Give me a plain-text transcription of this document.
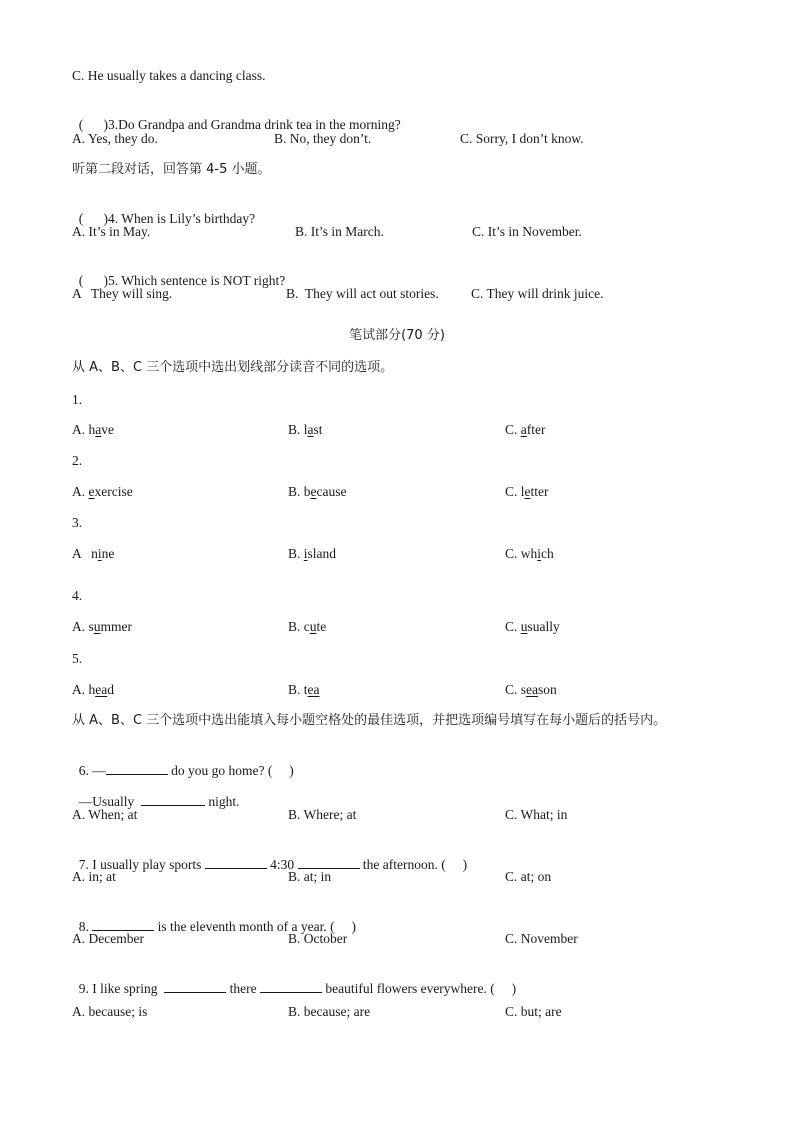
C. He usually takes a dancing class.

(      )3.Do Grandpa and Grandma drink tea in the morning?

A. Yes, they do.	B. No, they don’t.	C. Sorry, I don’t know.
听第二段对话，回答第 4-5 小题。

(      )4. When is Lily’s birthday?

A. It’s in May.	B. It’s in March.	C. It’s in November.

(      )5. Which sentence is NOT right?

A   They will sing.	B.  They will act out stories. C. They will drink juice.
笔试部分(70 分)
从 A、B、C 三个选项中选出划线部分读音不同的选项。
1.
A. have	B. last	C. after
2.
A. exercise	B. because	C. letter
3.
A   nine	B. island	C. which
4.
A. summer	B. cute	C. usually
5.
A. head	B. tea	C. season
从 A、B、C 三个选项中选出能填入每小题空格处的最佳选项，并把选项编号填写在每小题后的括号内。

6. —	do you go home? (     )

—Usually	night.

A. When; at	B. Where; at	C. What; in

7. I usually play sports	4:30	the afternoon. (     )

A. in; at	B. at; in	C. at; on

8.	is the eleventh month of a year. (     )

A. December	B. October	C. November

9. I like spring	there	beautiful flowers everywhere. (     )

A. because; is	B. because; are	C. but; are
